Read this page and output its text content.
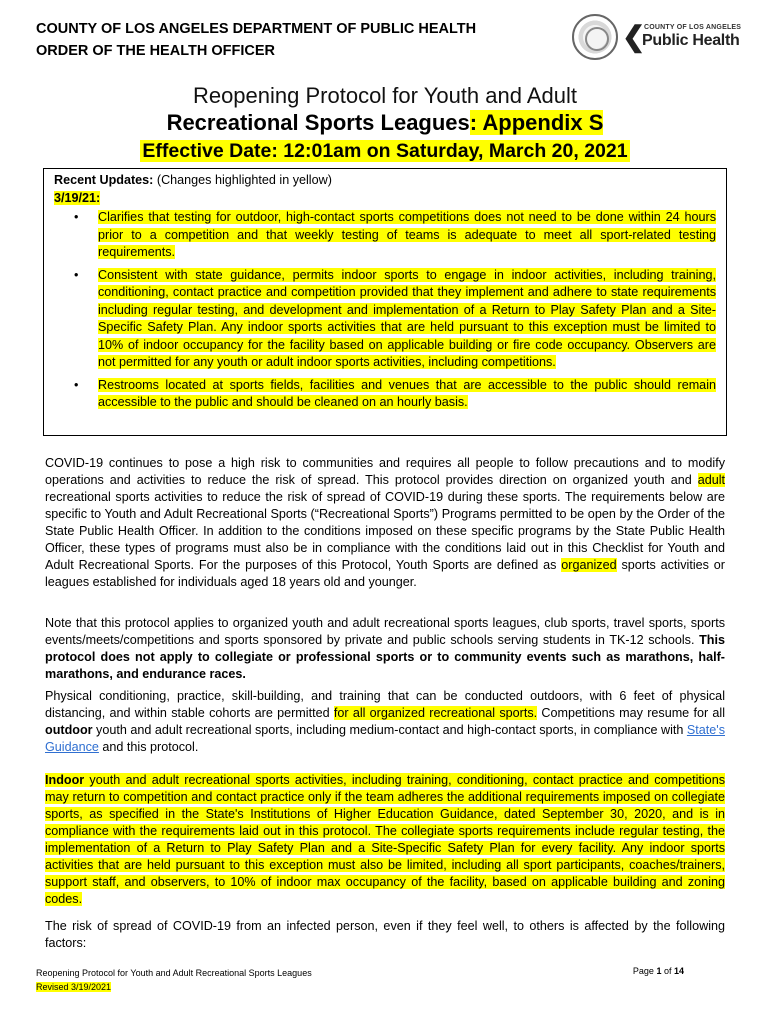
COUNTY OF LOS ANGELES DEPARTMENT OF PUBLIC HEALTH
ORDER OF THE HEALTH OFFICER	❮
COUNTY OF LOS ANGELES
Public Health
Reopening Protocol for Youth and Adult
Recreational Sports Leagues: Appendix S
Effective Date: 12:01am on Saturday, March 20, 2021
Recent Updates: (Changes highlighted in yellow)
3/19/21:
• Clarifies that testing for outdoor, high-contact sports competitions does not need to be done within 24 hours prior to a competition and that weekly testing of teams is adequate to meet all sport-related testing requirements.
• Consistent with state guidance, permits indoor sports to engage in indoor activities, including training, conditioning, contact practice and competition provided that they implement and adhere to state requirements including regular testing, and development and implementation of a Return to Play Safety Plan and a Site-Specific Safety Plan. Any indoor sports activities that are held pursuant to this exception must be limited to 10% of indoor occupancy for the facility based on applicable building or fire code occupancy. Observers are not permitted for any youth or adult indoor sports activities, including competitions.
• Restrooms located at sports fields, facilities and venues that are accessible to the public should remain accessible to the public and should be cleaned on an hourly basis.
COVID-19 continues to pose a high risk to communities and requires all people to follow precautions and to modify operations and activities to reduce the risk of spread. This protocol provides direction on organized youth and adult recreational sports activities to reduce the risk of spread of COVID-19 during these sports. The requirements below are specific to Youth and Adult Recreational Sports (“Recreational Sports”) Programs permitted to be open by the Order of the State Public Health Officer. In addition to the conditions imposed on these specific programs by the State Public Health Officer, these types of programs must also be in compliance with the conditions laid out in this Checklist for Youth and Adult Recreational Sports. For the purposes of this Protocol, Youth Sports are defined as organized sports activities or leagues established for individuals aged 18 years old and younger.
Note that this protocol applies to organized youth and adult recreational sports leagues, club sports, travel sports, sports events/meets/competitions and sports sponsored by private and public schools serving students in TK-12 schools. This protocol does not apply to collegiate or professional sports or to community events such as marathons, half-marathons, and endurance races.
Physical conditioning, practice, skill-building, and training that can be conducted outdoors, with 6 feet of physical distancing, and within stable cohorts are permitted for all organized recreational sports. Competitions may resume for all outdoor youth and adult recreational sports, including medium-contact and high-contact sports, in compliance with State's Guidance and this protocol.
Indoor youth and adult recreational sports activities, including training, conditioning, contact practice and competitions may return to competition and contact practice only if the team adheres the additional requirements imposed on collegiate sports, as specified in the State's Institutions of Higher Education Guidance, dated September 30, 2020, and is in compliance with the requirements laid out in this protocol. The collegiate sports requirements include regular testing, the implementation of a Return to Play Safety Plan and a Site-Specific Safety Plan for every facility. Any indoor sports activities that are held pursuant to this exception must also be limited, including all sport participants, coaches/trainers, support staff, and observers, to 10% of indoor max occupancy of the facility, based on applicable building and zoning codes.
The risk of spread of COVID-19 from an infected person, even if they feel well, to others is affected by the following factors:
Reopening Protocol for Youth and Adult Recreational Sports Leagues
Revised 3/19/2021
Page 1 of 14
